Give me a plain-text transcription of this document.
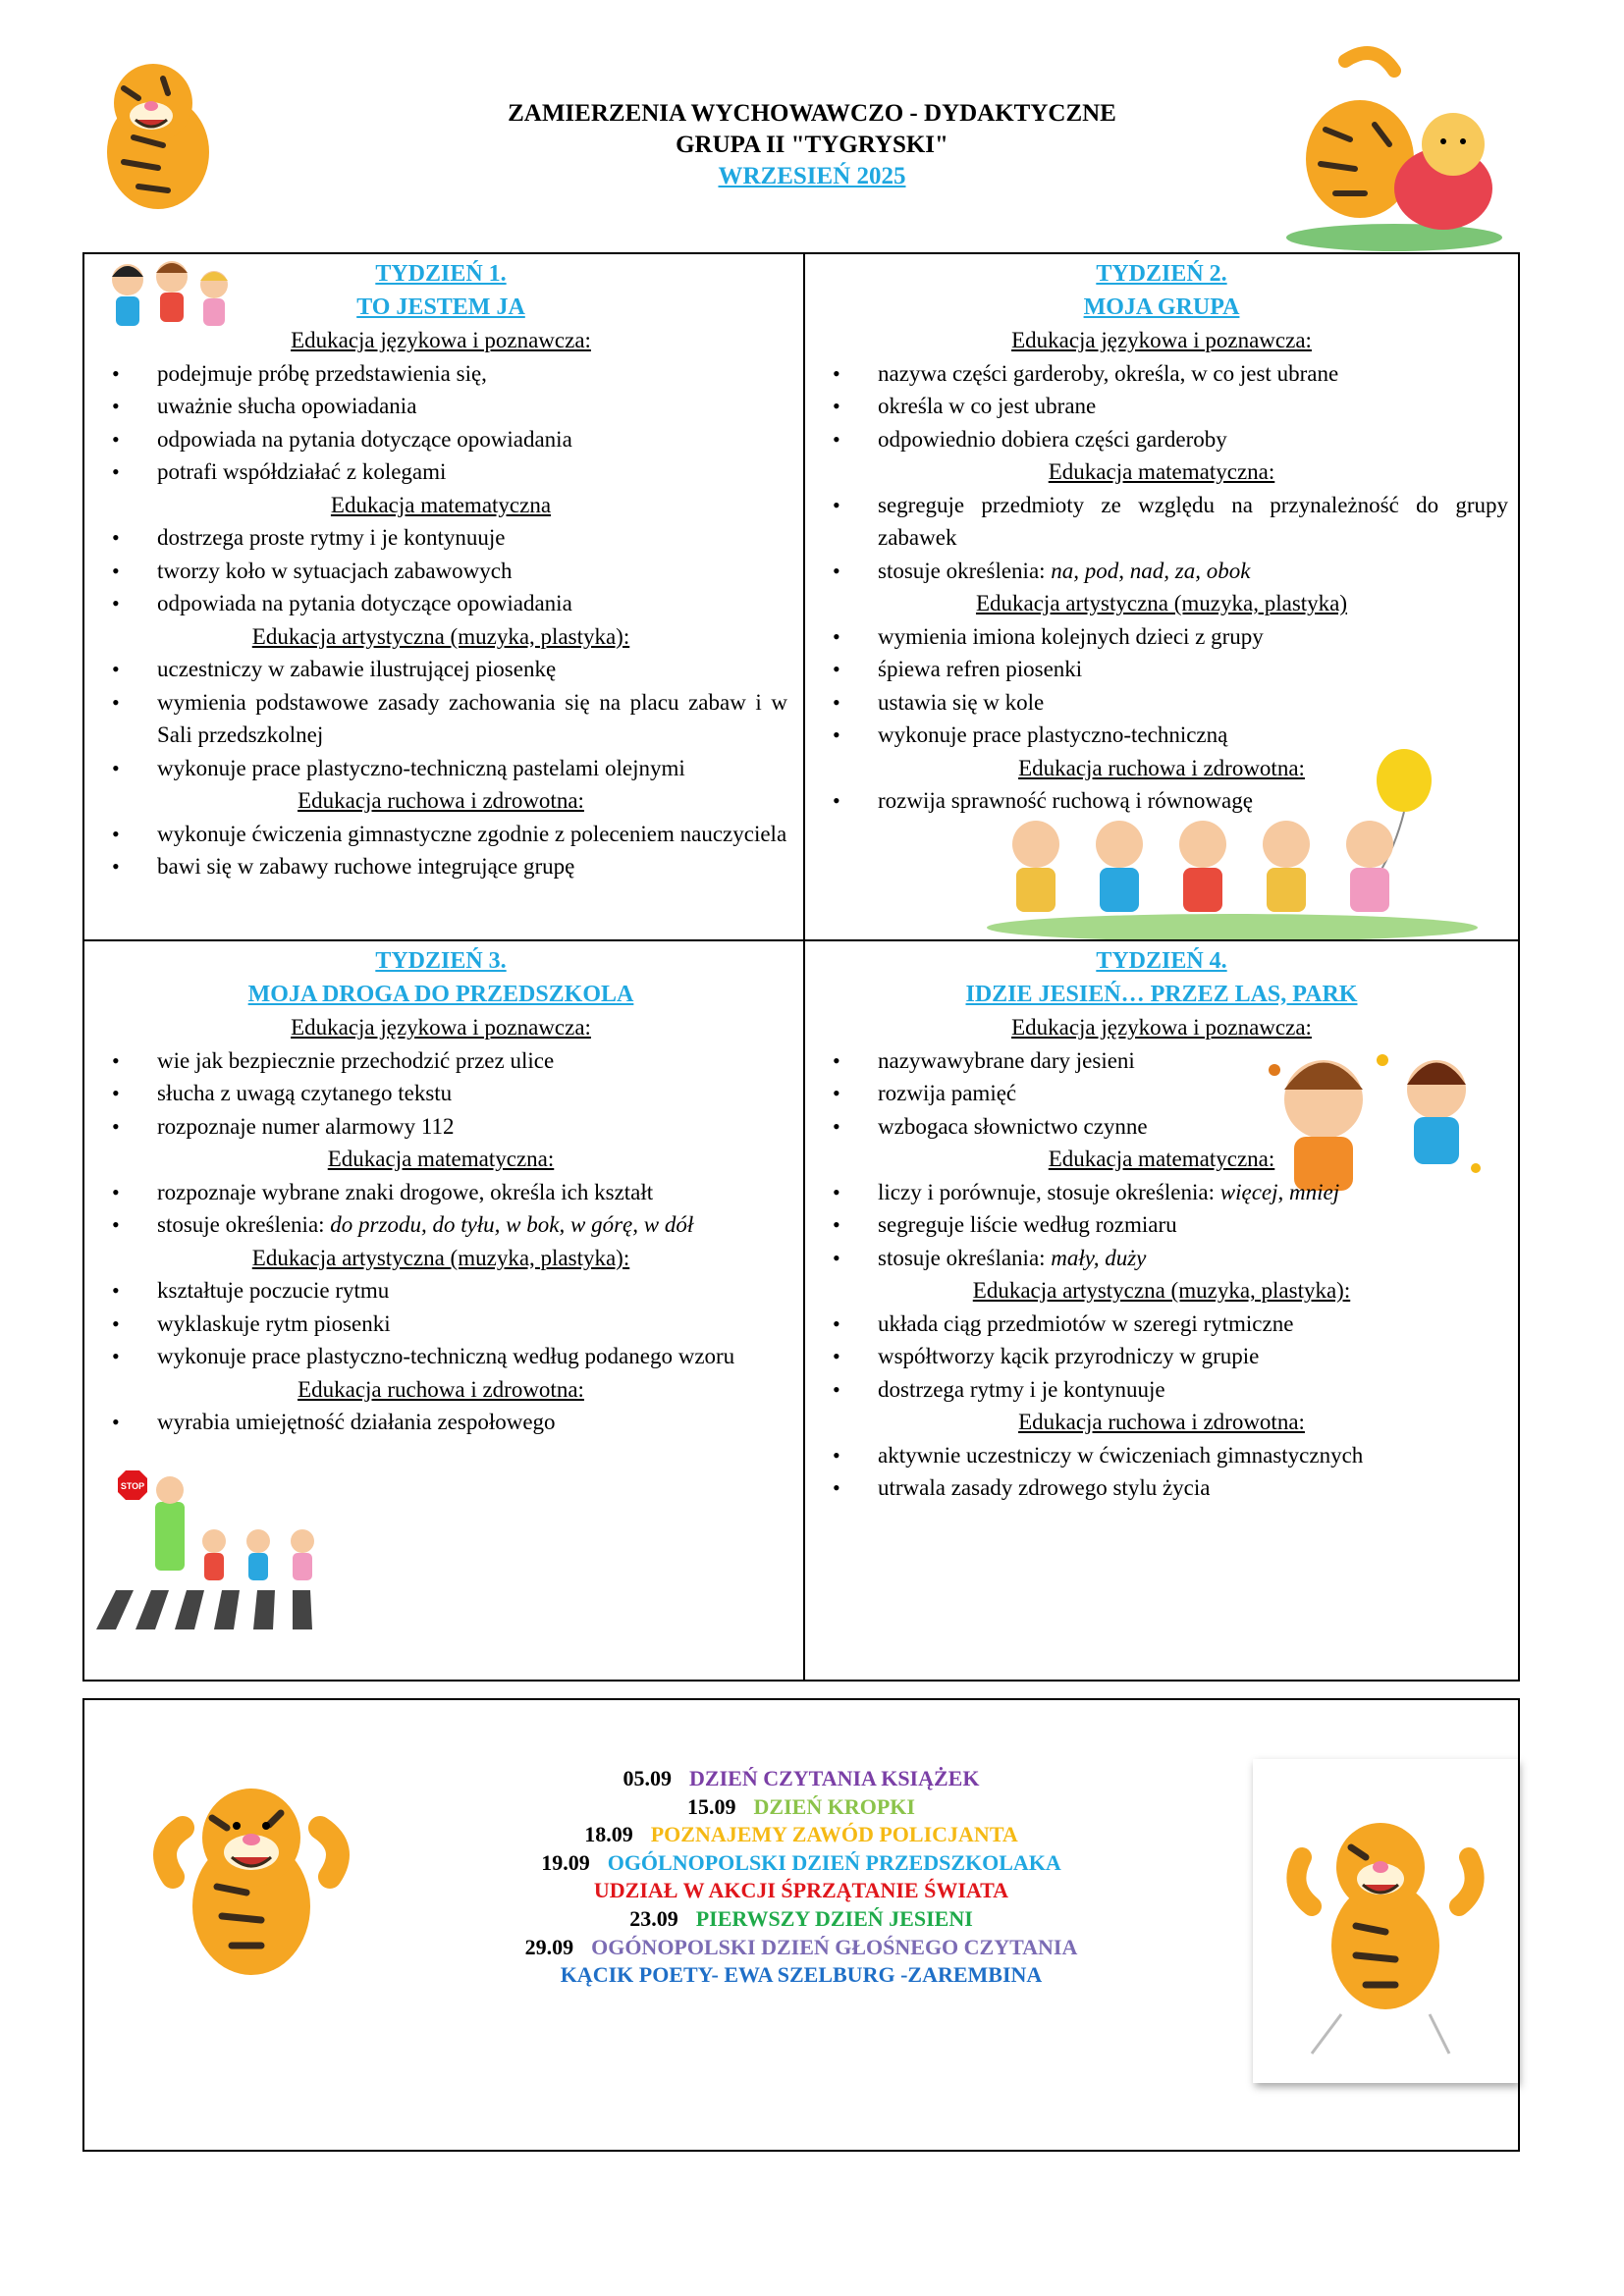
ZAMIERZENIA WYCHOWAWCZO - DYDAKTYCZNE
GRUPA II "TYGRYSKI"
WRZESIEŃ 2025
STOP
TYDZIEŃ 1.
TO JESTEM JA
Edukacja językowa i poznawcza:
• podejmuje próbę przedstawienia się,
• uważnie słucha opowiadania
• odpowiada na pytania dotyczące opowiadania
• potrafi współdziałać z kolegami
Edukacja matematyczna
• dostrzega proste rytmy i je kontynuuje
• tworzy koło w sytuacjach zabawowych
• odpowiada na pytania dotyczące opowiadania
Edukacja artystyczna (muzyka, plastyka):
• uczestniczy w zabawie ilustrującej piosenkę
• wymienia podstawowe zasady zachowania się na placu zabaw i w Sali przedszkolnej
• wykonuje prace plastyczno-techniczną pastelami olejnymi
Edukacja ruchowa i zdrowotna:
• wykonuje ćwiczenia gimnastyczne zgodnie z poleceniem nauczyciela
• bawi się w zabawy ruchowe integrujące grupę
TYDZIEŃ 2.
MOJA GRUPA
Edukacja językowa i poznawcza:
• nazywa części garderoby, określa, w co jest ubrane
• określa w co jest ubrane
• odpowiednio dobiera części garderoby
Edukacja matematyczna:
• segreguje przedmioty ze względu na przynależność do grupy zabawek
• stosuje określenia: na, pod, nad, za, obok
Edukacja artystyczna (muzyka, plastyka)
• wymienia imiona kolejnych dzieci z grupy
• śpiewa refren piosenki
• ustawia się w kole
• wykonuje prace plastyczno-techniczną
Edukacja ruchowa i zdrowotna:
• rozwija sprawność ruchową i równowagę
TYDZIEŃ 3.
MOJA DROGA DO PRZEDSZKOLA
Edukacja językowa i poznawcza:
• wie jak bezpiecznie przechodzić przez ulice
• słucha z uwagą czytanego tekstu
• rozpoznaje numer alarmowy 112
Edukacja matematyczna:
• rozpoznaje wybrane znaki drogowe, określa ich kształt
• stosuje określenia: do przodu, do tyłu, w bok, w górę, w dół
Edukacja artystyczna (muzyka, plastyka):
• kształtuje poczucie rytmu
• wyklaskuje rytm piosenki
• wykonuje prace plastyczno-techniczną według podanego wzoru
Edukacja ruchowa i zdrowotna:
• wyrabia umiejętność działania zespołowego
TYDZIEŃ 4.
IDZIE JESIEŃ… PRZEZ LAS, PARK
Edukacja językowa i poznawcza:
• nazywawybrane dary jesieni
• rozwija pamięć
• wzbogaca słownictwo czynne
Edukacja matematyczna:
• liczy i porównuje, stosuje określenia: więcej, mniej
• segreguje liście według rozmiaru
• stosuje określania: mały, duży
Edukacja artystyczna (muzyka, plastyka):
• układa ciąg przedmiotów w szeregi rytmiczne
• współtworzy kącik przyrodniczy w grupie
• dostrzega rytmy i je kontynuuje
Edukacja ruchowa i zdrowotna:
• aktywnie uczestniczy w ćwiczeniach gimnastycznych
• utrwala zasady zdrowego stylu życia
05.09 DZIEŃ CZYTANIA KSIĄŻEK
15.09 DZIEŃ KROPKI
18.09 POZNAJEMY ZAWÓD POLICJANTA
19.09 OGÓLNOPOLSKI DZIEŃ PRZEDSZKOLAKA
UDZIAŁ W AKCJI ŚPRZĄTANIE ŚWIATA
23.09 PIERWSZY DZIEŃ JESIENI
29.09 OGÓNOPOLSKI DZIEŃ GŁOŚNEGO CZYTANIA
KĄCIK POETY- EWA SZELBURG -ZAREMBINA
